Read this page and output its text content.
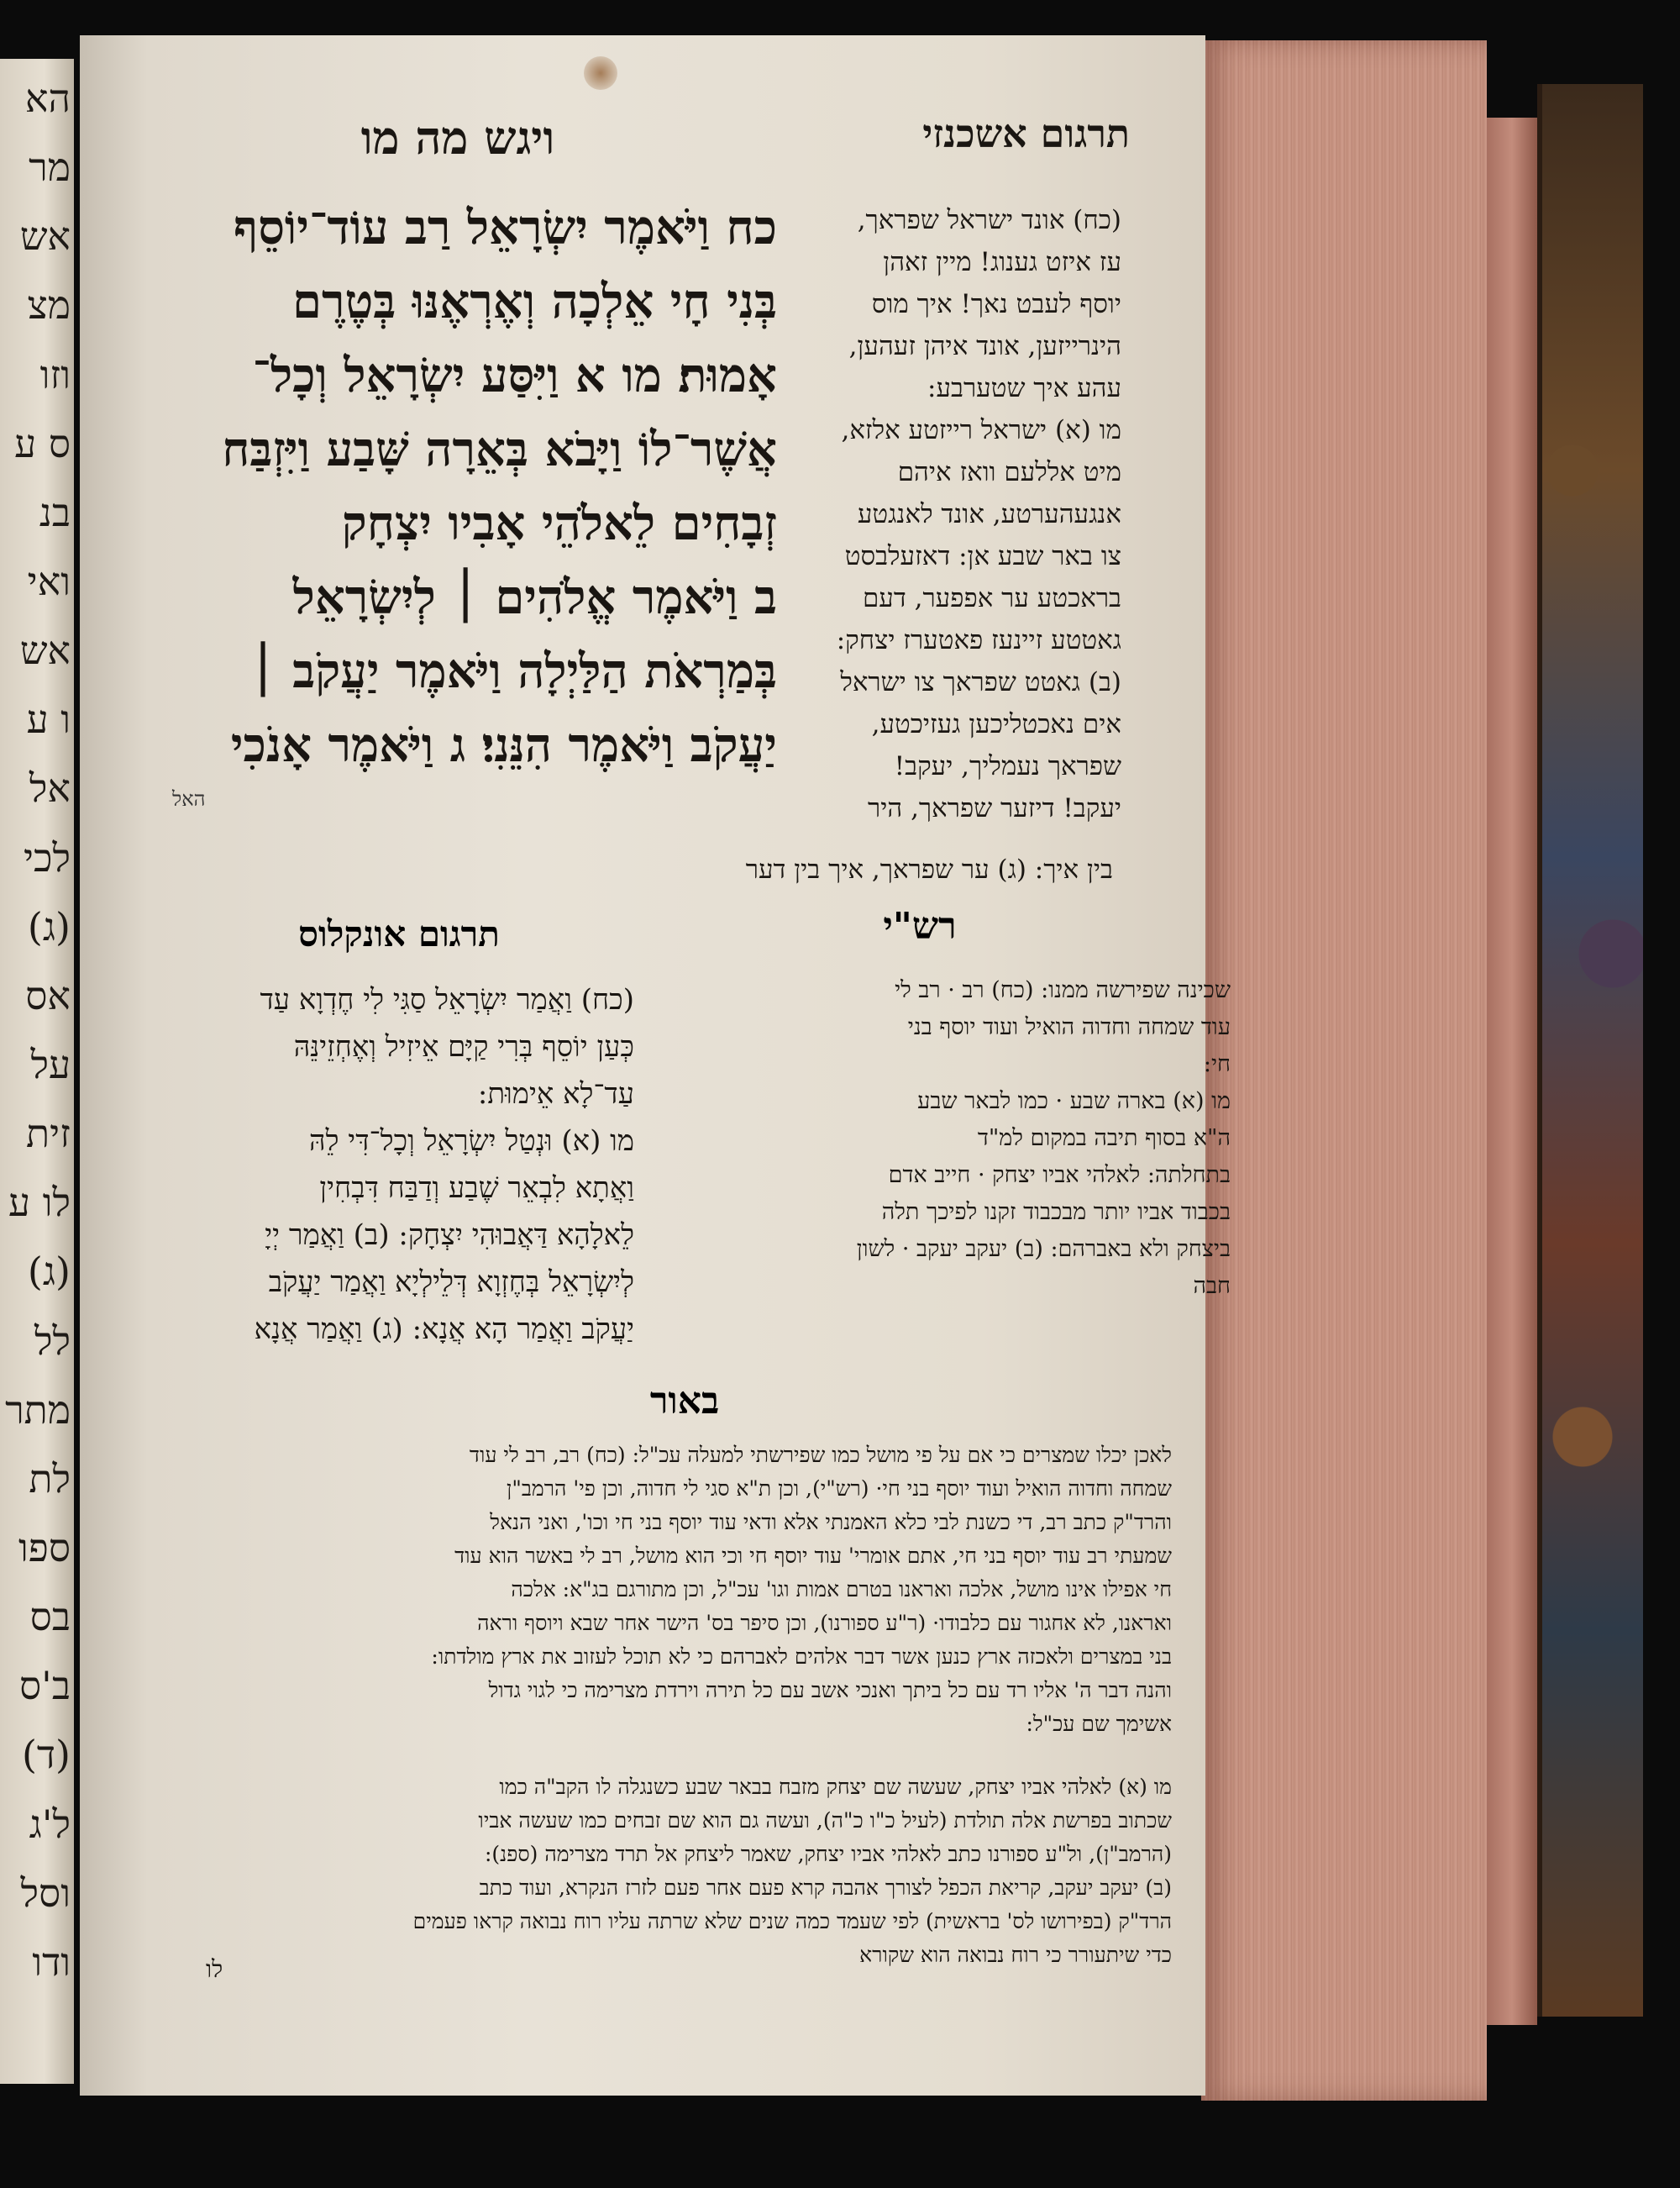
הא
מר
אש
מצ
וזו
ס ע
בנ
ואי
אש
ו ע
אל
לכי
(ג)
אס
על
זית
לו ע
(ג)
לל
מתר
לת
ספו
בס
ב'ס
(ד)
ל'ג
וסל
ודו
תרגום אשכנזי
ויגש מה מו
כח וַיֹּאמֶר יִשְׂרָאֵל רַב עוֹד־יוֹסֵף
בְּנִי חָי אֵלְכָה וְאֶרְאֶנּוּ בְּטֶרֶם
אָמוּת׃ מו א וַיִּסַּע יִשְׂרָאֵל וְכָל־
אֲשֶׁר־לוֹ וַיָּבֹא בְּאֵרָה שָּׁבַע וַיִּזְבַּח
זְבָחִים לֵאלֹהֵי אָבִיו יִצְחָק
ב וַיֹּאמֶר אֱלֹהִים ׀ לְיִשְׂרָאֵל
בְּמַרְאֹת הַלַּיְלָה וַיֹּאמֶר יַעֲקֹב ׀
יַעֲקֹב וַיֹּאמֶר הִנֵּנִי׃ ג וַיֹּאמֶר אָנֹכִי
האל
(כח) אונד ישראל שפראך,
עז איזט גענוג! מיין זאהן
יוסף לעבט נאך! איך מוס
הינרייזען, אונד איהן זעהען,
עהע איך שטערבע:
מו (א) ישראל רייזטע אלזא,
מיט אללעם וואז איהם
אנגעהערטע, אונד לאנגטע
צו באר שבע אן: דאזעלבסט
בראכטע ער אפפער, דעם
גאטטע זיינעז פאטערז יצחק:
(ב) גאטט שפראך צו ישראל
אים נאכטליכען געזיכטע,
שפראך נעמליך, יעקב!
יעקב! דיזער שפראך, היר
בין איך: (ג) ער שפראך, איך בין דער
רש"י
תרגום אונקלוס
שכינה שפירשה ממנו: (כח) רב · רב לי
עוד שמחה וחדוה הואיל ועוד יוסף בני
חי:
מו (א) בארה שבע · כמו לבאר שבע
ה"א בסוף תיבה במקום למ"ד
בתחלתה: לאלהי אביו יצחק · חייב אדם
בכבוד אביו יותר מבכבוד זקנו לפיכך תלה
ביצחק ולא באברהם: (ב) יעקב יעקב · לשון
חבה
(כח) וַאֲמַר יִשְׂרָאֵל סַגִּי לִי חֶדְוָא עַד
כְּעַן יוֹסֵף בְּרִי קַיָּם אֵיזִיל וְאֶחְזֵינֵּהּ
עַד־לָא אֵימוּת:
מו (א) וּנְטַל יִשְׂרָאֵל וְכָל־דִּי לֵהּ
וַאֲתָא לִבְאֵר שֶׁבַע וְדַבַּח דִּבְחִין
לֵאלָהָא דַּאֲבוּהִי יִצְחָק: (ב) וַאֲמַר יְיָ
לְיִשְׂרָאֵל בְּחֶזְוָא דְּלֵילְיָא וַאֲמַר יַעֲקֹב
יַעֲקֹב וַאֲמַר הָא אֲנָא: (ג) וַאֲמַר אֲנָא
באור
לאכן יכלו שמצרים כי אם על פי מושל כמו שפירשתי למעלה עכ"ל: (כח) רב, רב לי עוד
שמחה וחדוה הואיל ועוד יוסף בני חי· (רש"י), וכן ת"א סגי לי חדוה, וכן פי' הרמב"ן
והרד"ק כתב רב, די כשנת לבי כלא האמנתי אלא ודאי עוד יוסף בני חי וכו', ואני הנאל
שמעתי רב עוד יוסף בני חי, אתם אומרי' עוד יוסף חי וכי הוא מושל, רב לי באשר הוא עוד
חי אפילו אינו מושל, אלכה ואראנו בטרם אמות וגו' עכ"ל, וכן מתורגם בג"א: אלכה
ואראנו, לא אחגור עם כלבודו· (ר"ע ספורנו), וכן סיפר בס' הישר אחר שבא ויוסף וראה
בני במצרים ולאכזה ארץ כנען אשר דבר אלהים לאברהם כי לא תוכל לעזוב את ארץ מולדתו:
והנה דבר ה' אליו רד עם כל ביתך ואנכי אשב עם כל תירה וירדת מצרימה כי לגוי גדול
אשימך שם עכ"ל:
מו (א) לאלהי אביו יצחק, שעשה שם יצחק מזבח בבאר שבע כשנגלה לו הקב"ה כמו
שכתוב בפרשת אלה תולדת (לעיל כ"ו כ"ה), ועשה גם הוא שם זבחים כמו שעשה אביו
(הרמב"ן), ול"ע ספורנו כתב לאלהי אביו יצחק, שאמר ליצחק אל תרד מצרימה (ספנ):
(ב) יעקב יעקב, קריאת הכפל לצורך אהבה קרא פעם אחר פעם לזרז הנקרא, ועוד כתב
הרד"ק (בפירושו לס' בראשית) לפי שעמד כמה שנים שלא שרתה עליו רוח נבואה קראו פעמים
כדי שיתעורר כי רוח נבואה הוא שקורא
לו
